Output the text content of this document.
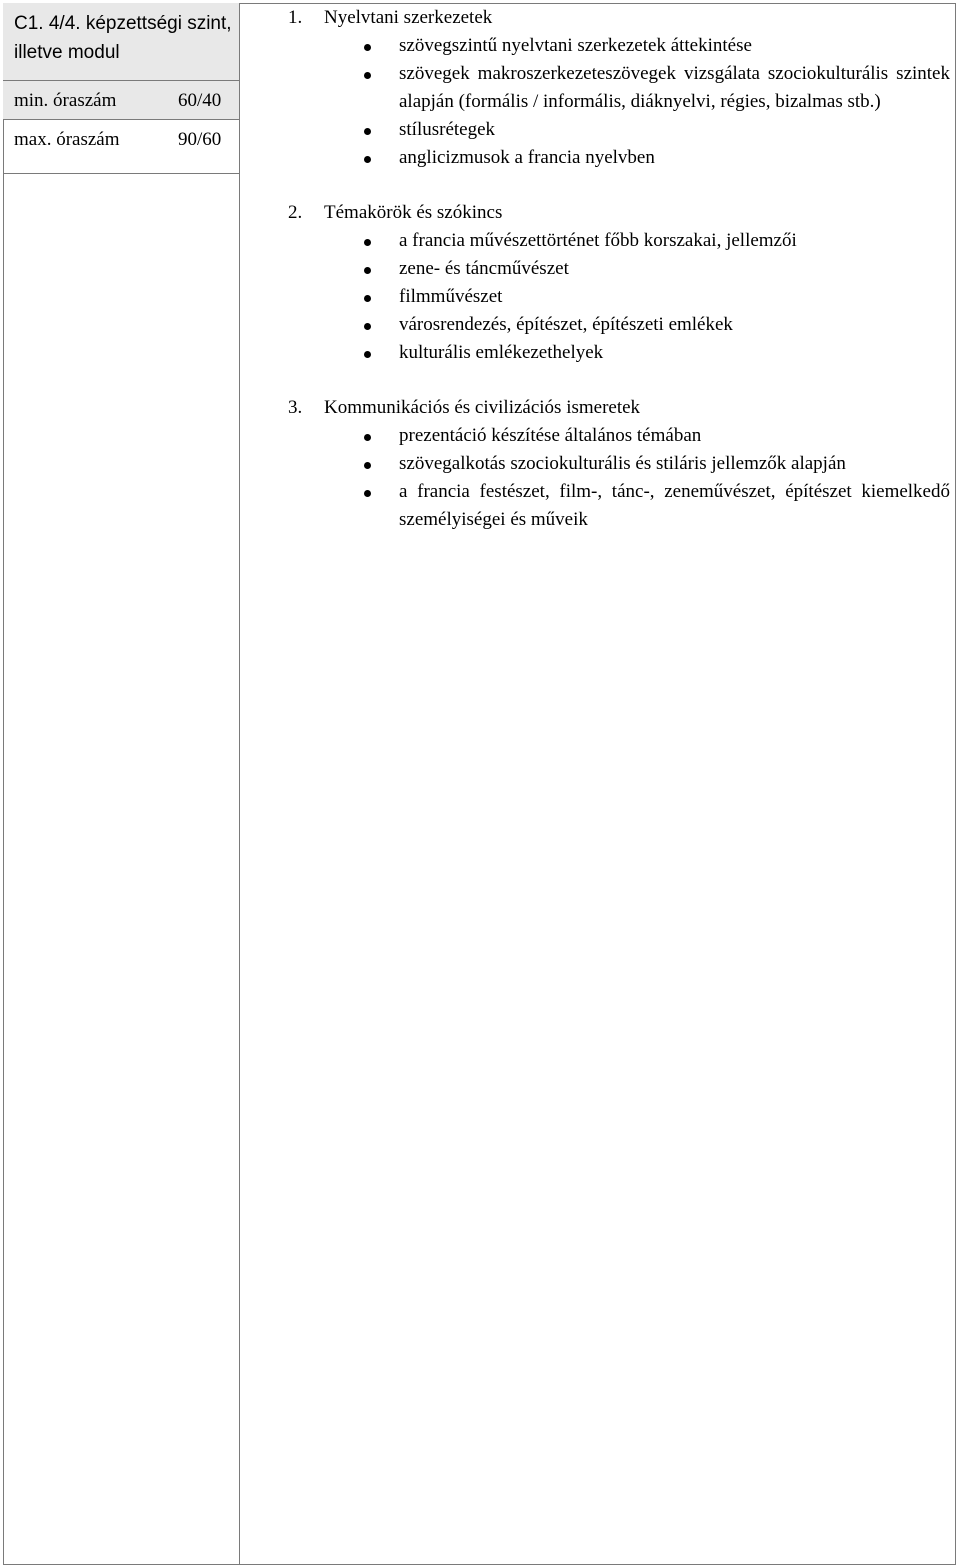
C1. 4/4. képzettségi szint, illetve modul
min. óraszám	60/40
max. óraszám	90/60
1. Nyelvtani szerkezetek
szövegszintű nyelvtani szerkezetek áttekintése
szövegek makroszerkezeteszövegek vizsgálata szociokulturális szintek alapján (formális / informális, diáknyelvi, régies, bizalmas stb.)
stílusrétegek
anglicizmusok a francia nyelvben
2. Témakörök és szókincs
a francia művészettörténet főbb korszakai, jellemzői
zene- és táncművészet
filmművészet
városrendezés, építészet, építészeti emlékek
kulturális emlékezethelyek
3. Kommunikációs és civilizációs ismeretek
prezentáció készítése általános témában
szövegalkotás szociokulturális és stiláris jellemzők alapján
a francia festészet, film-, tánc-, zeneművészet, építészet kiemelkedő személyiségei és műveik
